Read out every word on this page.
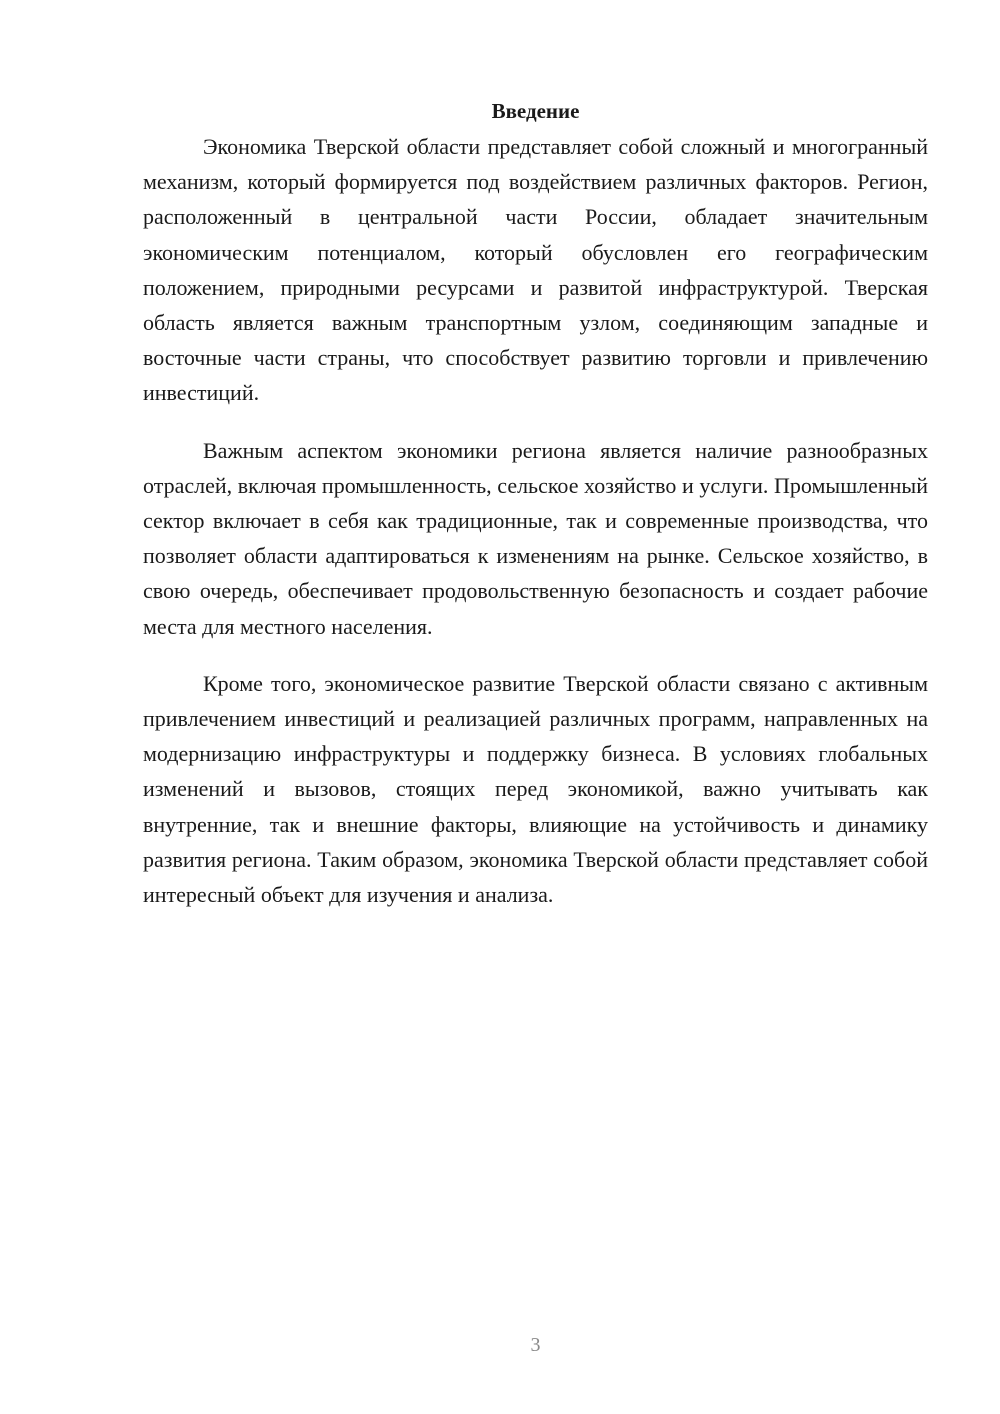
Введение

Экономика Тверской области представляет собой сложный и многогранный механизм, который формируется под воздействием различных факторов. Регион, расположенный в центральной части России, обладает значительным экономическим потенциалом, который обусловлен его географическим положением, природными ресурсами и развитой инфраструктурой. Тверская область является важным транспортным узлом, соединяющим западные и восточные части страны, что способствует развитию торговли и привлечению инвестиций.

Важным аспектом экономики региона является наличие разнообразных отраслей, включая промышленность, сельское хозяйство и услуги. Промышленный сектор включает в себя как традиционные, так и современные производства, что позволяет области адаптироваться к изменениям на рынке. Сельское хозяйство, в свою очередь, обеспечивает продовольственную безопасность и создает рабочие места для местного населения.

Кроме того, экономическое развитие Тверской области связано с активным привлечением инвестиций и реализацией различных программ, направленных на модернизацию инфраструктуры и поддержку бизнеса. В условиях глобальных изменений и вызовов, стоящих перед экономикой, важно учитывать как внутренние, так и внешние факторы, влияющие на устойчивость и динамику развития региона. Таким образом, экономика Тверской области представляет собой интересный объект для изучения и анализа.

3
